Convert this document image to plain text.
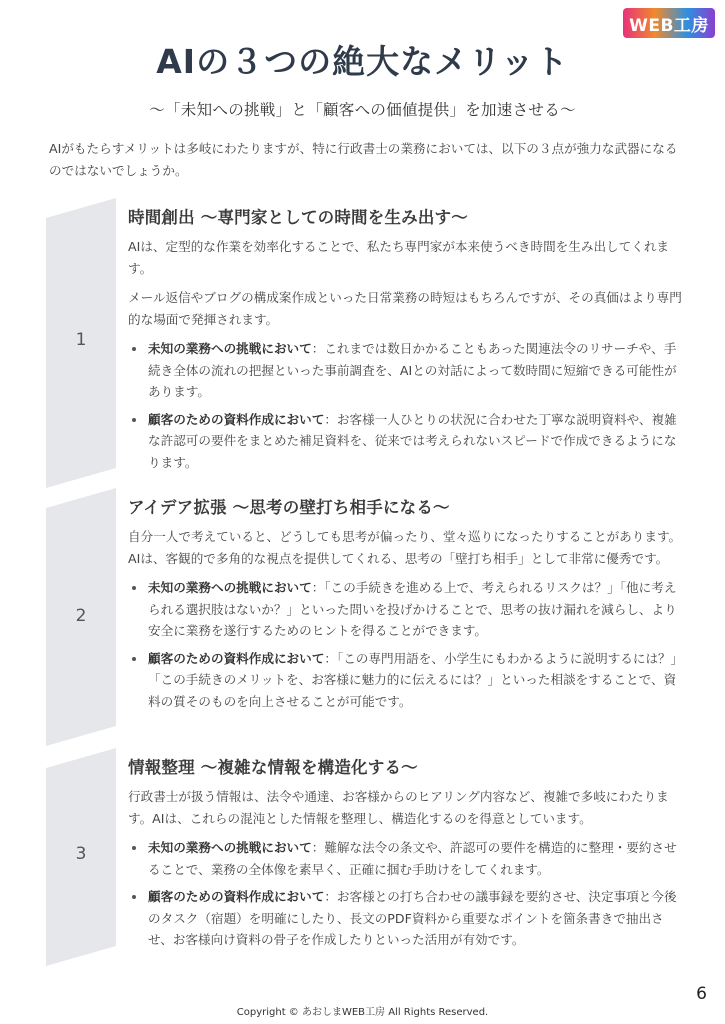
WEB工房
AIの３つの絶大なメリット
〜「未知への挑戦」と「顧客への価値提供」を加速させる〜

AIがもたらすメリットは多岐にわたりますが、特に行政書士の業務においては、以下の３点が強力な武器になるのではないでしょうか。

1
時間創出 〜専門家としての時間を生み出す〜

AIは、定型的な作業を効率化することで、私たち専門家が本来使うべき時間を生み出してくれます。

メール返信やブログの構成案作成といった日常業務の時短はもちろんですが、その真価はより専門的な場面で発揮されます。

未知の業務への挑戦において：これまでは数日かかることもあった関連法令のリサーチや、手続き全体の流れの把握といった事前調査を、AIとの対話によって数時間に短縮できる可能性があります。
顧客のための資料作成において：お客様一人ひとりの状況に合わせた丁寧な説明資料や、複雑な許認可の要件をまとめた補足資料を、従来では考えられないスピードで作成できるようになります。
2
アイデア拡張 〜思考の壁打ち相手になる〜

自分一人で考えていると、どうしても思考が偏ったり、堂々巡りになったりすることがあります。AIは、客観的で多角的な視点を提供してくれる、思考の「壁打ち相手」として非常に優秀です。

未知の業務への挑戦において：「この手続きを進める上で、考えられるリスクは？」「他に考えられる選択肢はないか？」といった問いを投げかけることで、思考の抜け漏れを減らし、より安全に業務を遂行するためのヒントを得ることができます。
顧客のための資料作成において：「この専門用語を、小学生にもわかるように説明するには？」「この手続きのメリットを、お客様に魅力的に伝えるには？」といった相談をすることで、資料の質そのものを向上させることが可能です。
3
情報整理 〜複雑な情報を構造化する〜

行政書士が扱う情報は、法令や通達、お客様からのヒアリング内容など、複雑で多岐にわたります。AIは、これらの混沌とした情報を整理し、構造化するのを得意としています。

未知の業務への挑戦において：難解な法令の条文や、許認可の要件を構造的に整理・要約させることで、業務の全体像を素早く、正確に掴む手助けをしてくれます。
顧客のための資料作成において：お客様との打ち合わせの議事録を要約させ、決定事項と今後のタスク（宿題）を明確にしたり、長文のPDF資料から重要なポイントを箇条書きで抽出させ、お客様向け資料の骨子を作成したりといった活用が有効です。
6
Copyright © あおしまWEB工房 All Rights Reserved.
